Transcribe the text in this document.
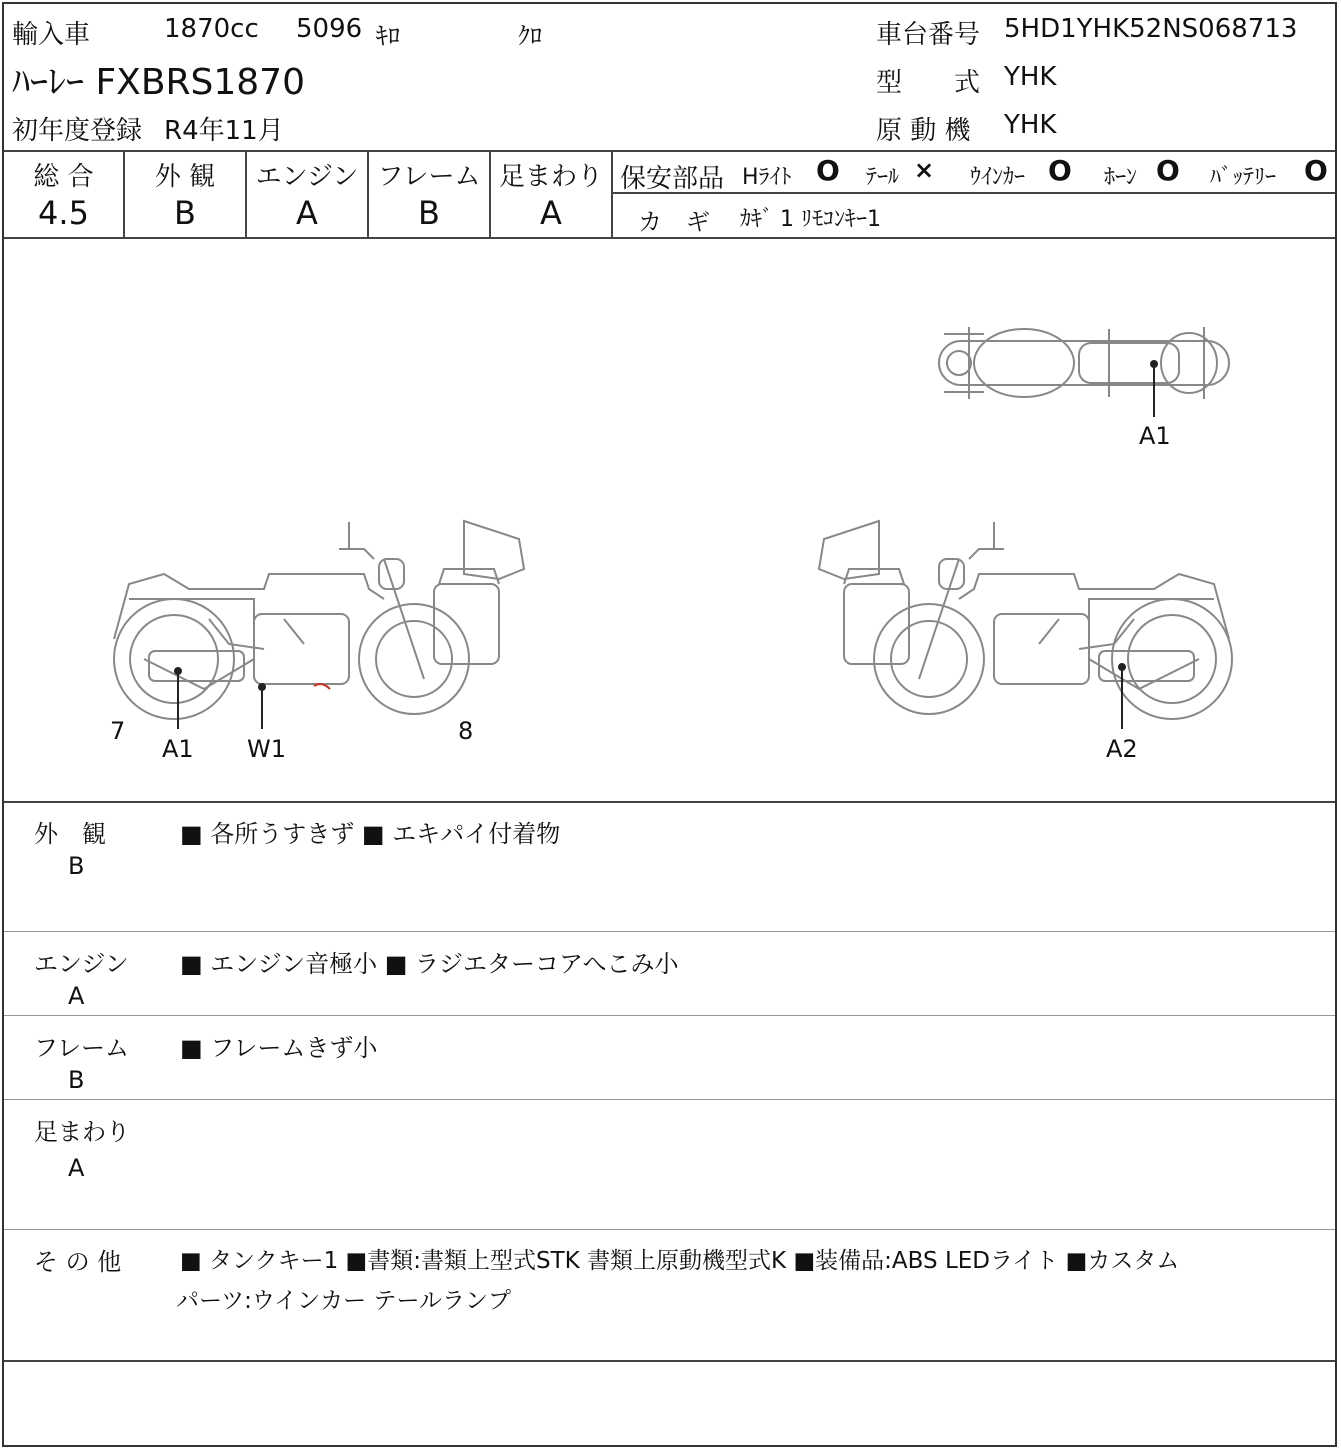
輸入車	1870cc 5096 ｷﾛ	ｸﾛ
ﾊｰﾚｰ FXBRS1870
初年度登録 R4年11月
車台番号 5HD1YHK52NS068713
型　　式 YHK
原 動 機 YHK
総 合
4.5
外 観
B
エンジン
A
フレーム
B
足まわり
A
保安部品 Hﾗｲﾄ O ﾃｰﾙ × ｳｲﾝｶｰ O ﾎｰﾝ O ﾊﾞｯﾃﾘｰ O
カ　ギ ｶｷﾞ 1 ﾘﾓｺﾝｷｰ1
A1
7
A1 W1
8
A2
外　観
B
■ 各所うすきず ■ エキパイ付着物
エンジン
A
■ エンジン音極小 ■ ラジエターコアへこみ小
フレーム
B
■ フレームきず小
足まわり
A
そ の 他	■ タンクキー1 ■書類:書類上型式STK 書類上原動機型式K ■装備品:ABS LEDライト ■カスタム
パーツ:ウインカー テールランプ
